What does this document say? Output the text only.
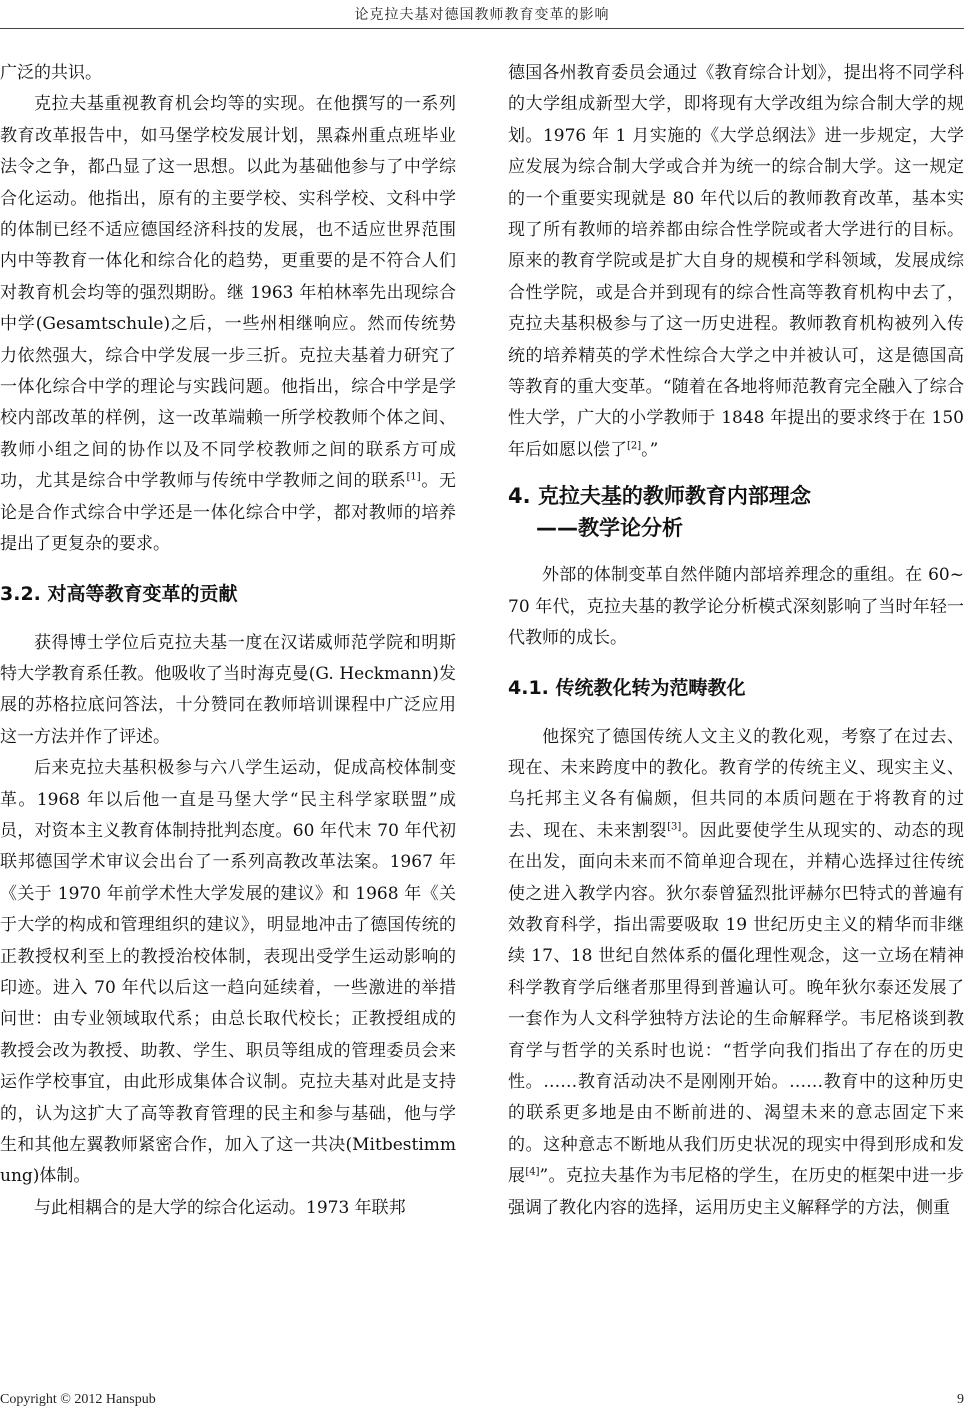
论克拉夫基对德国教师教育变革的影响

广泛的共识。

克拉夫基重视教育机会均等的实现。在他撰写的一系列教育改革报告中，如马堡学校发展计划，黑森州重点班毕业法令之争，都凸显了这一思想。以此为基础他参与了中学综合化运动。他指出，原有的主要学校、实科学校、文科中学的体制已经不适应德国经济科技的发展，也不适应世界范围内中等教育一体化和综合化的趋势，更重要的是不符合人们对教育机会均等的强烈期盼。继 1963 年柏林率先出现综合中学(Gesamtschule)之后，一些州相继响应。然而传统势力依然强大，综合中学发展一步三折。克拉夫基着力研究了一体化综合中学的理论与实践问题。他指出，综合中学是学校内部改革的样例，这一改革端赖一所学校教师个体之间、教师小组之间的协作以及不同学校教师之间的联系方可成功，尤其是综合中学教师与传统中学教师之间的联系[1]。无论是合作式综合中学还是一体化综合中学，都对教师的培养提出了更复杂的要求。

3.2. 对高等教育变革的贡献

获得博士学位后克拉夫基一度在汉诺威师范学院和明斯特大学教育系任教。他吸收了当时海克曼(G. Heckmann)发展的苏格拉底问答法，十分赞同在教师培训课程中广泛应用这一方法并作了评述。

后来克拉夫基积极参与六八学生运动，促成高校体制变革。1968 年以后他一直是马堡大学“民主科学家联盟”成员，对资本主义教育体制持批判态度。60 年代末 70 年代初联邦德国学术审议会出台了一系列高教改革法案。1967 年《关于 1970 年前学术性大学发展的建议》和 1968 年《关于大学的构成和管理组织的建议》，明显地冲击了德国传统的正教授权利至上的教授治校体制，表现出受学生运动影响的印迹。进入 70 年代以后这一趋向延续着，一些激进的举措问世：由专业领域取代系；由总长取代校长；正教授组成的教授会改为教授、助教、学生、职员等组成的管理委员会来运作学校事宜，由此形成集体合议制。克拉夫基对此是支持的，认为这扩大了高等教育管理的民主和参与基础，他与学生和其他左翼教师紧密合作，加入了这一共决(Mitbestimmung)体制。

与此相耦合的是大学的综合化运动。1973 年联邦

德国各州教育委员会通过《教育综合计划》，提出将不同学科的大学组成新型大学，即将现有大学改组为综合制大学的规划。1976 年 1 月实施的《大学总纲法》进一步规定，大学应发展为综合制大学或合并为统一的综合制大学。这一规定的一个重要实现就是 80 年代以后的教师教育改革，基本实现了所有教师的培养都由综合性学院或者大学进行的目标。原来的教育学院或是扩大自身的规模和学科领域，发展成综合性学院，或是合并到现有的综合性高等教育机构中去了，克拉夫基积极参与了这一历史进程。教师教育机构被列入传统的培养精英的学术性综合大学之中并被认可，这是德国高等教育的重大变革。“随着在各地将师范教育完全融入了综合性大学，广大的小学教师于 1848 年提出的要求终于在 150 年后如愿以偿了[2]。”

4. 克拉夫基的教师教育内部理念
——教学论分析

外部的体制变革自然伴随内部培养理念的重组。在 60~70 年代，克拉夫基的教学论分析模式深刻影响了当时年轻一代教师的成长。

4.1. 传统教化转为范畴教化

他探究了德国传统人文主义的教化观，考察了在过去、现在、未来跨度中的教化。教育学的传统主义、现实主义、乌托邦主义各有偏颇，但共同的本质问题在于将教育的过去、现在、未来割裂[3]。因此要使学生从现实的、动态的现在出发，面向未来而不简单迎合现在，并精心选择过往传统使之进入教学内容。狄尔泰曾猛烈批评赫尔巴特式的普遍有效教育科学，指出需要吸取 19 世纪历史主义的精华而非继续 17、18 世纪自然体系的僵化理性观念，这一立场在精神科学教育学后继者那里得到普遍认可。晚年狄尔泰还发展了一套作为人文科学独特方法论的生命解释学。韦尼格谈到教育学与哲学的关系时也说：“哲学向我们指出了存在的历史性。……教育活动决不是刚刚开始。……教育中的这种历史的联系更多地是由不断前进的、渴望未来的意志固定下来的。这种意志不断地从我们历史状况的现实中得到形成和发展[4]”。克拉夫基作为韦尼格的学生，在历史的框架中进一步强调了教化内容的选择，运用历史主义解释学的方法，侧重

Copyright © 2012 Hanspub	9
